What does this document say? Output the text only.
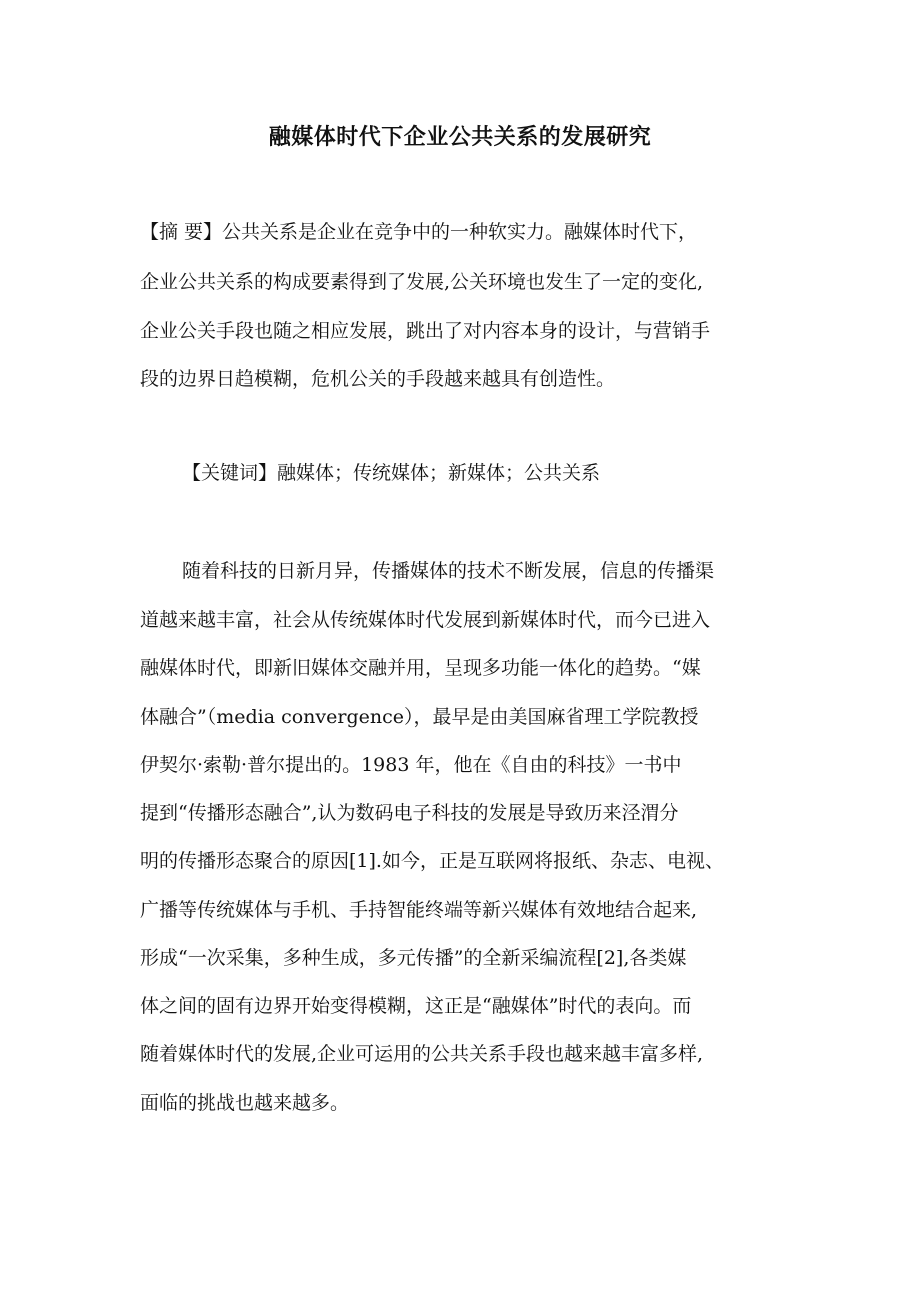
融媒体时代下企业公共关系的发展研究
【摘 要】公共关系是企业在竞争中的一种软实力。融媒体时代下，
企业公共关系的构成要素得到了发展,公关环境也发生了一定的变化,
企业公关手段也随之相应发展，跳出了对内容本身的设计，与营销手
段的边界日趋模糊，危机公关的手段越来越具有创造性。
【关键词】融媒体；传统媒体；新媒体；公共关系
随着科技的日新月异，传播媒体的技术不断发展，信息的传播渠
道越来越丰富，社会从传统媒体时代发展到新媒体时代，而今已进入
融媒体时代，即新旧媒体交融并用，呈现多功能一体化的趋势。“媒
体融合”（media convergence），最早是由美国麻省理工学院教授
伊契尔·索勒·普尔提出的。1983 年，他在《自由的科技》一书中
提到“传播形态融合”,认为数码电子科技的发展是导致历来泾渭分
明的传播形态聚合的原因[1].如今，正是互联网将报纸、杂志、电视、
广播等传统媒体与手机、手持智能终端等新兴媒体有效地结合起来,
形成“一次采集，多种生成，多元传播”的全新采编流程[2],各类媒
体之间的固有边界开始变得模糊，这正是“融媒体”时代的表向。而
随着媒体时代的发展,企业可运用的公共关系手段也越来越丰富多样,
面临的挑战也越来越多。
